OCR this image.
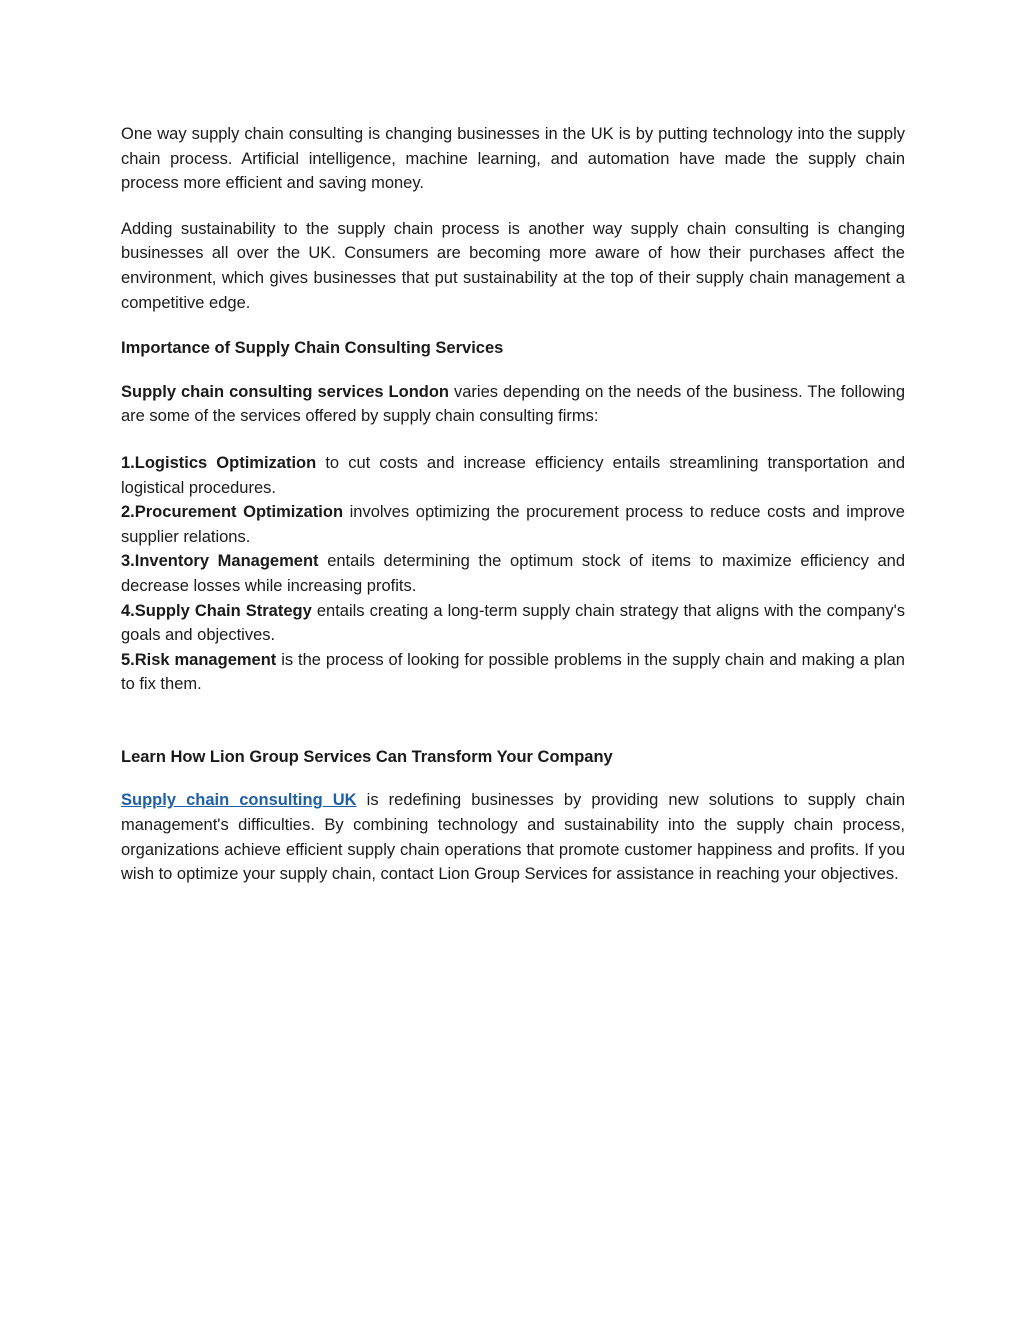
One way supply chain consulting is changing businesses in the UK is by putting technology into the supply chain process. Artificial intelligence, machine learning, and automation have made the supply chain process more efficient and saving money.

Adding sustainability to the supply chain process is another way supply chain consulting is changing businesses all over the UK. Consumers are becoming more aware of how their purchases affect the environment, which gives businesses that put sustainability at the top of their supply chain management a competitive edge.

Importance of Supply Chain Consulting Services

Supply chain consulting services London varies depending on the needs of the business. The following are some of the services offered by supply chain consulting firms:

1.Logistics Optimization to cut costs and increase efficiency entails streamlining transportation and logistical procedures.

2.Procurement Optimization involves optimizing the procurement process to reduce costs and improve supplier relations.

3.Inventory Management entails determining the optimum stock of items to maximize efficiency and decrease losses while increasing profits.

4.Supply Chain Strategy entails creating a long-term supply chain strategy that aligns with the company's goals and objectives.

5.Risk management is the process of looking for possible problems in the supply chain and making a plan to fix them.

Learn How Lion Group Services Can Transform Your Company

Supply chain consulting UK is redefining businesses by providing new solutions to supply chain management's difficulties. By combining technology and sustainability into the supply chain process, organizations achieve efficient supply chain operations that promote customer happiness and profits. If you wish to optimize your supply chain, contact Lion Group Services for assistance in reaching your objectives.
